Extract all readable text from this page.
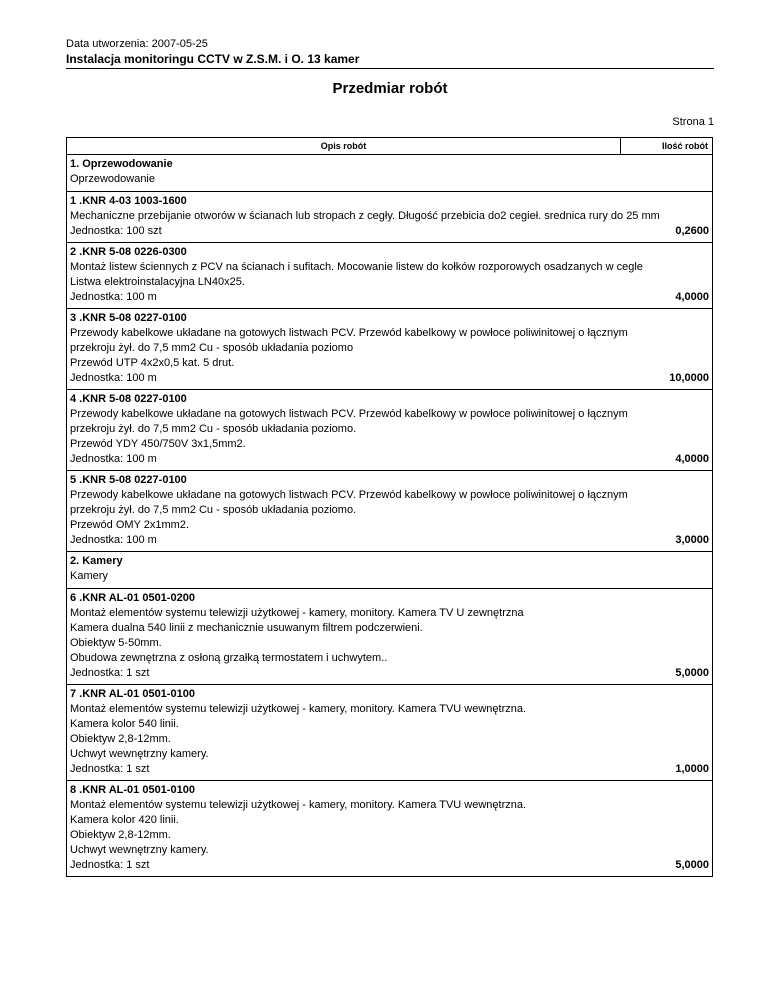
Data utworzenia: 2007-05-25
Instalacja monitoringu CCTV w Z.S.M. i O. 13 kamer
Przedmiar robót
Strona 1
Opis robót	Ilość robót
1. Oprzewodowanie
Oprzewodowanie
1 .KNR 4-03 1003-1600
Mechaniczne przebijanie otworów w ścianach lub stropach z cegły. Długość przebicia do2 cegieł. srednica rury do 25 mm
Jednostka: 100 szt	0,2600
2 .KNR 5-08 0226-0300
Montaż listew ściennych z PCV na ścianach i sufitach. Mocowanie listew do kołków rozporowych osadzanych w cegle
Listwa elektroinstalacyjna LN40x25.
Jednostka: 100 m	4,0000
3 .KNR 5-08 0227-0100
Przewody kabelkowe układane na gotowych listwach PCV. Przewód kabelkowy w powłoce poliwinitowej o łącznym
przekroju żył. do 7,5 mm2 Cu - sposób układania poziomo
Przewód UTP 4x2x0,5 kat. 5 drut.
Jednostka: 100 m	10,0000
4 .KNR 5-08 0227-0100
Przewody kabelkowe układane na gotowych listwach PCV. Przewód kabelkowy w powłoce poliwinitowej o łącznym
przekroju żył. do 7,5 mm2 Cu - sposób układania poziomo.
Przewód YDY 450/750V 3x1,5mm2.
Jednostka: 100 m	4,0000
5 .KNR 5-08 0227-0100
Przewody kabelkowe układane na gotowych listwach PCV. Przewód kabelkowy w powłoce poliwinitowej o łącznym
przekroju żył. do 7,5 mm2 Cu - sposób układania poziomo.
Przewód OMY 2x1mm2.
Jednostka: 100 m	3,0000
2. Kamery
Kamery
6 .KNR AL-01 0501-0200
Montaż elementów systemu telewizji użytkowej - kamery, monitory. Kamera TV U zewnętrzna
Kamera dualna 540 linii z mechanicznie usuwanym filtrem podczerwieni.
Obiektyw 5-50mm.
Obudowa zewnętrzna z osłoną grzałką termostatem i uchwytem..
Jednostka: 1 szt	5,0000
7 .KNR AL-01 0501-0100
Montaż elementów systemu telewizji użytkowej - kamery, monitory. Kamera TVU wewnętrzna.
Kamera kolor 540 linii.
Obiektyw 2,8-12mm.
Uchwyt wewnętrzny kamery.
Jednostka: 1 szt	1,0000
8 .KNR AL-01 0501-0100
Montaż elementów systemu telewizji użytkowej - kamery, monitory. Kamera TVU wewnętrzna.
Kamera kolor 420 linii.
Obiektyw 2,8-12mm.
Uchwyt wewnętrzny kamery.
Jednostka: 1 szt	5,0000
